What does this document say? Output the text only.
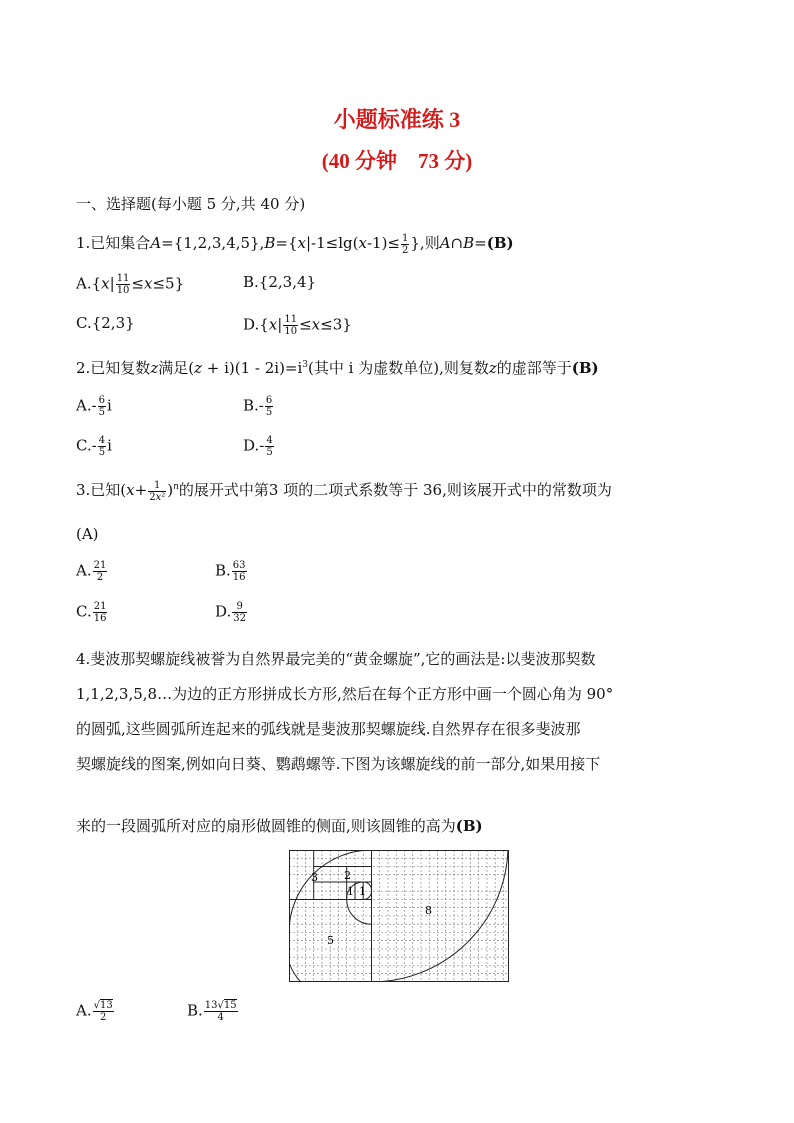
小题标准练 3
(40 分钟　73 分)
一、选择题(每小题 5 分,共 40 分)
1.已知集合$A=\{1,2,3,4,5\},B=\{x|-1\le\lg(x-1)\le \frac{1}{2}$ },则A∩B=(B)
$A.\{x| \frac{11}{10} \le x\le 5\}$	B.{2,3,4}
C.{2,3}	$D.\{x| \frac{11}{10} \le x\le 3\}$
2.已知复数z满足$(z + i)(1 - 2i)=i^3$(其中 i 为虚数单位),则复数z的虚部等于(B)
$A.- \frac{6}{5}$ i	$B.- \frac{6}{5}$
$C.- \frac{4}{5}$ i	$D.- \frac{4}{5}$
3.已知$(x+ \frac{1}{\text{2x²}} )^n$的展开式中第3 项的二项式系数等于 36,则该展开式中的常数项为
(A)
A. $\frac{21}{2}$	B. $\frac{63}{16}$
C. $\frac{21}{16}$	D. $\frac{9}{32}$
4.斐波那契螺旋线被誉为自然界最完美的“黄金螺旋”,它的画法是:以斐波那契数
1,1,2,3,5,8…为边的正方形拼成长方形,然后在每个正方形中画一个圆心角为 90°
的圆弧,这些圆弧所连起来的弧线就是斐波那契螺旋线.自然界存在很多斐波那
契螺旋线的图案,例如向日葵、鹦鹉螺等.下图为该螺旋线的前一部分,如果用接下
来的一段圆弧所对应的扇形做圆锥的侧面,则该圆锥的高为(B)
3 2
1 1
8
5
A. $\frac{√13}{2}$	B. $\frac{13√15}{4}$
